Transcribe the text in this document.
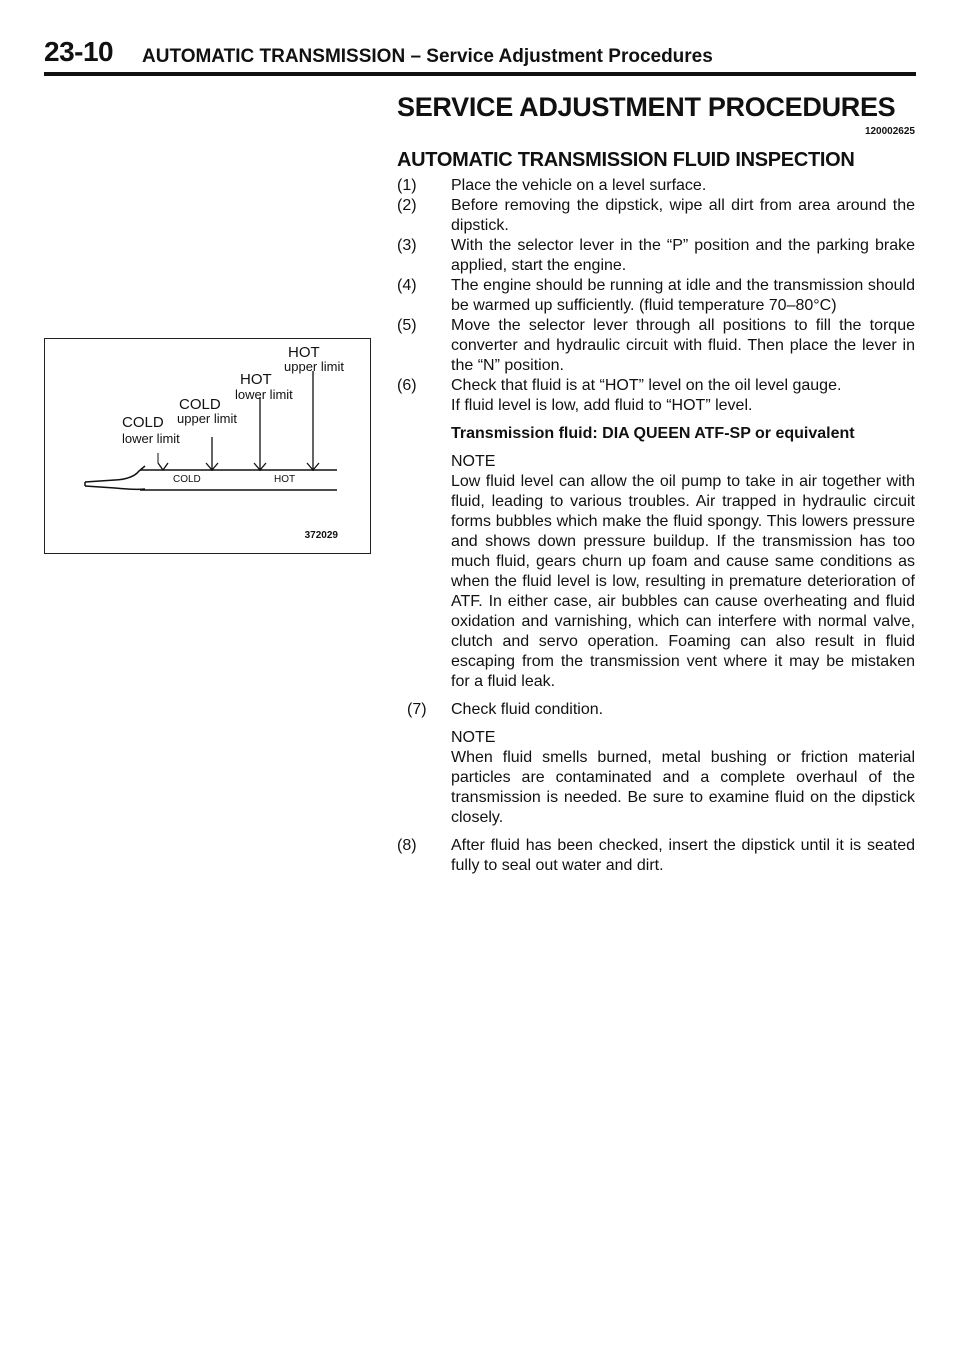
23-10 AUTOMATIC TRANSMISSION – Service Adjustment Procedures
HOT
upper limit
HOT
lower limit
COLD
COLD upper limit
lower limit
COLD	HOT
372029
SERVICE ADJUSTMENT PROCEDURES
120002625
AUTOMATIC TRANSMISSION FLUID INSPECTION
(1)	Place the vehicle on a level surface.
(2)	Before removing the dipstick, wipe all dirt from area around the dipstick.
(3)	With the selector lever in the “P” position and the parking brake applied, start the engine.
(4)	The engine should be running at idle and the transmission should be warmed up sufficiently. (fluid temperature 70–80°C)
(5)	Move the selector lever through all positions to fill the torque converter and hydraulic circuit with fluid. Then place the lever in the “N” position.
(6)	Check that fluid is at “HOT” level on the oil level gauge.
If fluid level is low, add fluid to “HOT” level.
Transmission fluid: DIA QUEEN ATF-SP or equivalent
NOTE
Low fluid level can allow the oil pump to take in air together with fluid, leading to various troubles. Air trapped in hydraulic circuit forms bubbles which make the fluid spongy. This lowers pressure and shows down pressure buildup. If the transmission has too much fluid, gears churn up foam and cause same conditions as when the fluid level is low, resulting in premature deterioration of ATF. In either case, air bubbles can cause overheating and fluid oxidation and varnishing, which can interfere with normal valve, clutch and servo operation. Foaming can also result in fluid escaping from the transmission vent where it may be mistaken for a fluid leak.
(7)	Check fluid condition.
NOTE
When fluid smells burned, metal bushing or friction material particles are contaminated and a complete overhaul of the transmission is needed. Be sure to examine fluid on the dipstick closely.
(8)	After fluid has been checked, insert the dipstick until it is seated fully to seal out water and dirt.
